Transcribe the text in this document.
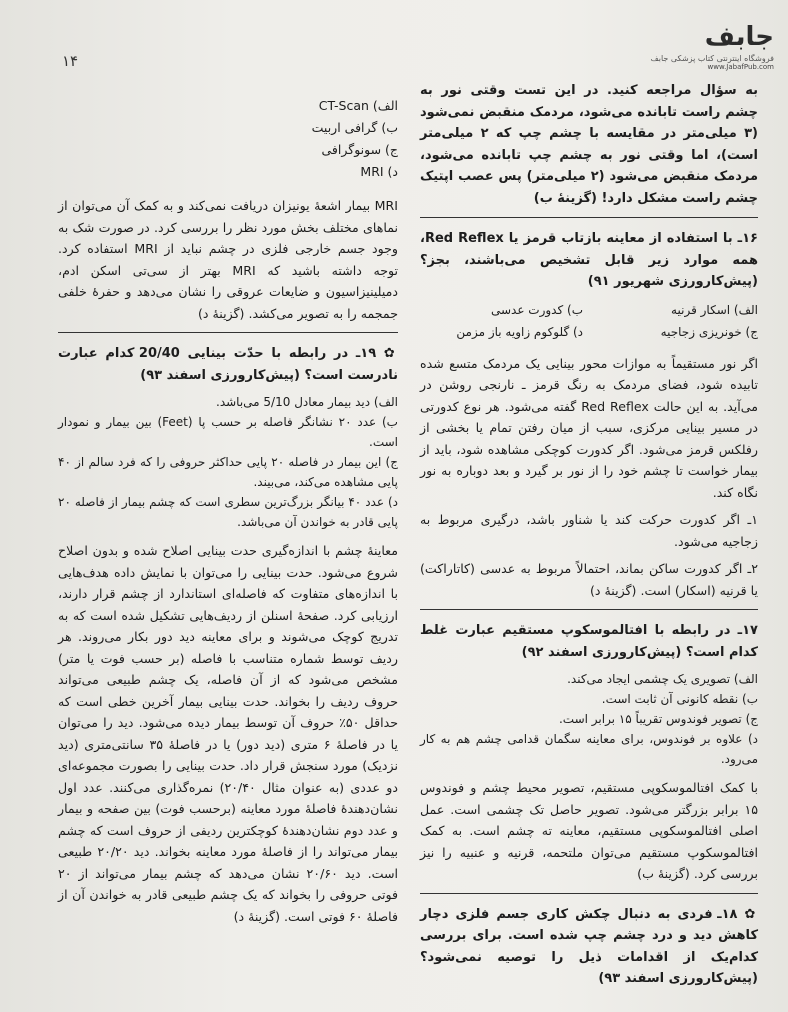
۱۴
جابف
فروشگاه اینترنتی کتاب پزشکی جابف
www.JabafPub.com

به سؤال مراجعه کنید. در این تست وقتی نور به چشم راست تابانده می‌شود، مردمک منقبض نمی‌شود (۳ میلی‌متر در مقایسه با چشم چپ که ۲ میلی‌متر است)، اما وقتی نور به چشم چپ تابانده می‌شود، مردمک منقبض می‌شود (۲ میلی‌متر) پس عصب اپتیک چشم راست مشکل دارد! (گزینهٔ ب)

۱۶ـ با استفاده از معاینه بازتاب قرمز یا Red Reflex، همه موارد زیر قابل تشخیص می‌باشند، بجز؟ (پیش‌کارورزی شهریور ۹۱)

الف) اسکار قرنیه
ب) کدورت عدسی
ج) خونریزی زجاجیه
د) گلوکوم زاویه باز مزمن

اگر نور مستقیماً به موازات محور بینایی یک مردمک متسع شده تابیده شود، فضای مردمک به رنگ قرمز ـ نارنجی روشن در می‌آید. به این حالت Red Reflex گفته می‌شود. هر نوع کدورتی در مسیر بینایی مرکزی، سبب از میان رفتن تمام یا بخشی از رفلکس قرمز می‌شود. اگر کدورت کوچکی مشاهده شود، باید از بیمار خواست تا چشم خود را از نور بر گیرد و بعد دوباره به نور نگاه کند.

۱ـ اگر کدورت حرکت کند یا شناور باشد، درگیری مربوط به زجاجیه می‌شود.

۲ـ اگر کدورت ساکن بماند، احتمالاً مربوط به عدسی (کاتاراکت) یا قرنیه (اسکار) است. (گزینهٔ د)

۱۷ـ در رابطه با افتالموسکوپ مستقیم عبارت غلط کدام است؟ (پیش‌کارورزی اسفند ۹۲)

الف) تصویری یک چشمی ایجاد می‌کند.
ب) نقطه کانونی آن ثابت است.
ج) تصویر فوندوس تقریباً ۱۵ برابر است.
د) علاوه بر فوندوس، برای معاینه سگمان قدامی چشم هم به کار می‌رود.

با کمک افتالموسکوپی مستقیم، تصویر محیط چشم و فوندوس ۱۵ برابر بزرگتر می‌شود. تصویر حاصل تک چشمی است. عمل اصلی افتالموسکوپی مستقیم، معاینه ته چشم است. به کمک افتالموسکوپ مستقیم می‌توان ملتحمه، قرنیه و عنبیه را نیز بررسی کرد. (گزینهٔ ب)

✿ ۱۸ـ فردی به دنبال چکش کاری جسم فلزی دچار کاهش دید و درد چشم چپ شده است. برای بررسی کدام‌یک از اقدامات ذیل را توصیه نمی‌شود؟ (پیش‌کارورزی اسفند ۹۳)

الف) CT-Scan
ب) گرافی اربیت
ج) سونوگرافی
د) MRI

MRI بیمار اشعهٔ یونیزان دریافت نمی‌کند و به کمک آن می‌توان از نماهای مختلف بخش مورد نظر را بررسی کرد. در صورت شک به وجود جسم خارجی فلزی در چشم نباید از MRI استفاده کرد. توجه داشته باشید که MRI بهتر از سی‌تی اسکن ادم، دمیلینیزاسیون و ضایعات عروقی را نشان می‌دهد و حفرهٔ خلفی جمجمه را به تصویر می‌کشد. (گزینهٔ د)

✿ ۱۹ـ در رابطه با حدّت بینایی 20/40 کدام عبارت نادرست است؟ (پیش‌کارورزی اسفند ۹۳)

الف) دید بیمار معادل 5/10 می‌باشد.
ب) عدد ۲۰ نشانگر فاصله بر حسب پا (Feet) بین بیمار و نمودار است.
ج) این بیمار در فاصله ۲۰ پایی حداکثر حروفی را که فرد سالم از ۴۰ پایی مشاهده می‌کند، می‌بیند.
د) عدد ۴۰ بیانگر بزرگ‌ترین سطری است که چشم بیمار از فاصله ۲۰ پایی قادر به خواندن آن می‌باشد.

معاینهٔ چشم با اندازه‌گیری حدت بینایی اصلاح شده و بدون اصلاح شروع می‌شود. حدت بینایی را می‌توان با نمایش داده هدف‌هایی با اندازه‌های متفاوت که فاصله‌ای استاندارد از چشم قرار دارند، ارزیابی کرد. صفحهٔ اسنلن از ردیف‌هایی تشکیل شده است که به تدریج کوچک می‌شوند و برای معاینه دید دور بکار می‌روند. هر ردیف توسط شماره متناسب با فاصله (بر حسب فوت یا متر) مشخص می‌شود که از آن فاصله، یک چشم طبیعی می‌تواند حروف ردیف را بخواند. حدت بینایی بیمار آخرین خطی است که حداقل ۵۰٪ حروف آن توسط بیمار دیده می‌شود. دید را می‌توان یا در فاصلهٔ ۶ متری (دید دور) یا در فاصلهٔ ۳۵ سانتی‌متری (دید نزدیک) مورد سنجش قرار داد. حدت بینایی را بصورت مجموعه‌ای دو عددی (به عنوان مثال ۲۰/۴۰) نمره‌گذاری می‌کنند. عدد اول نشان‌دهندهٔ فاصلهٔ مورد معاینه (برحسب فوت) بین صفحه و بیمار و عدد دوم نشان‌دهندهٔ کوچکترین ردیفی از حروف است که چشم بیمار می‌تواند را از فاصلهٔ مورد معاینه بخواند. دید ۲۰/۲۰ طبیعی است. دید ۲۰/۶۰ نشان می‌دهد که چشم بیمار می‌تواند از ۲۰ فوتی حروفی را بخواند که یک چشم طبیعی قادر به خواندن آن از فاصلهٔ ۶۰ فوتی است. (گزینهٔ د)
